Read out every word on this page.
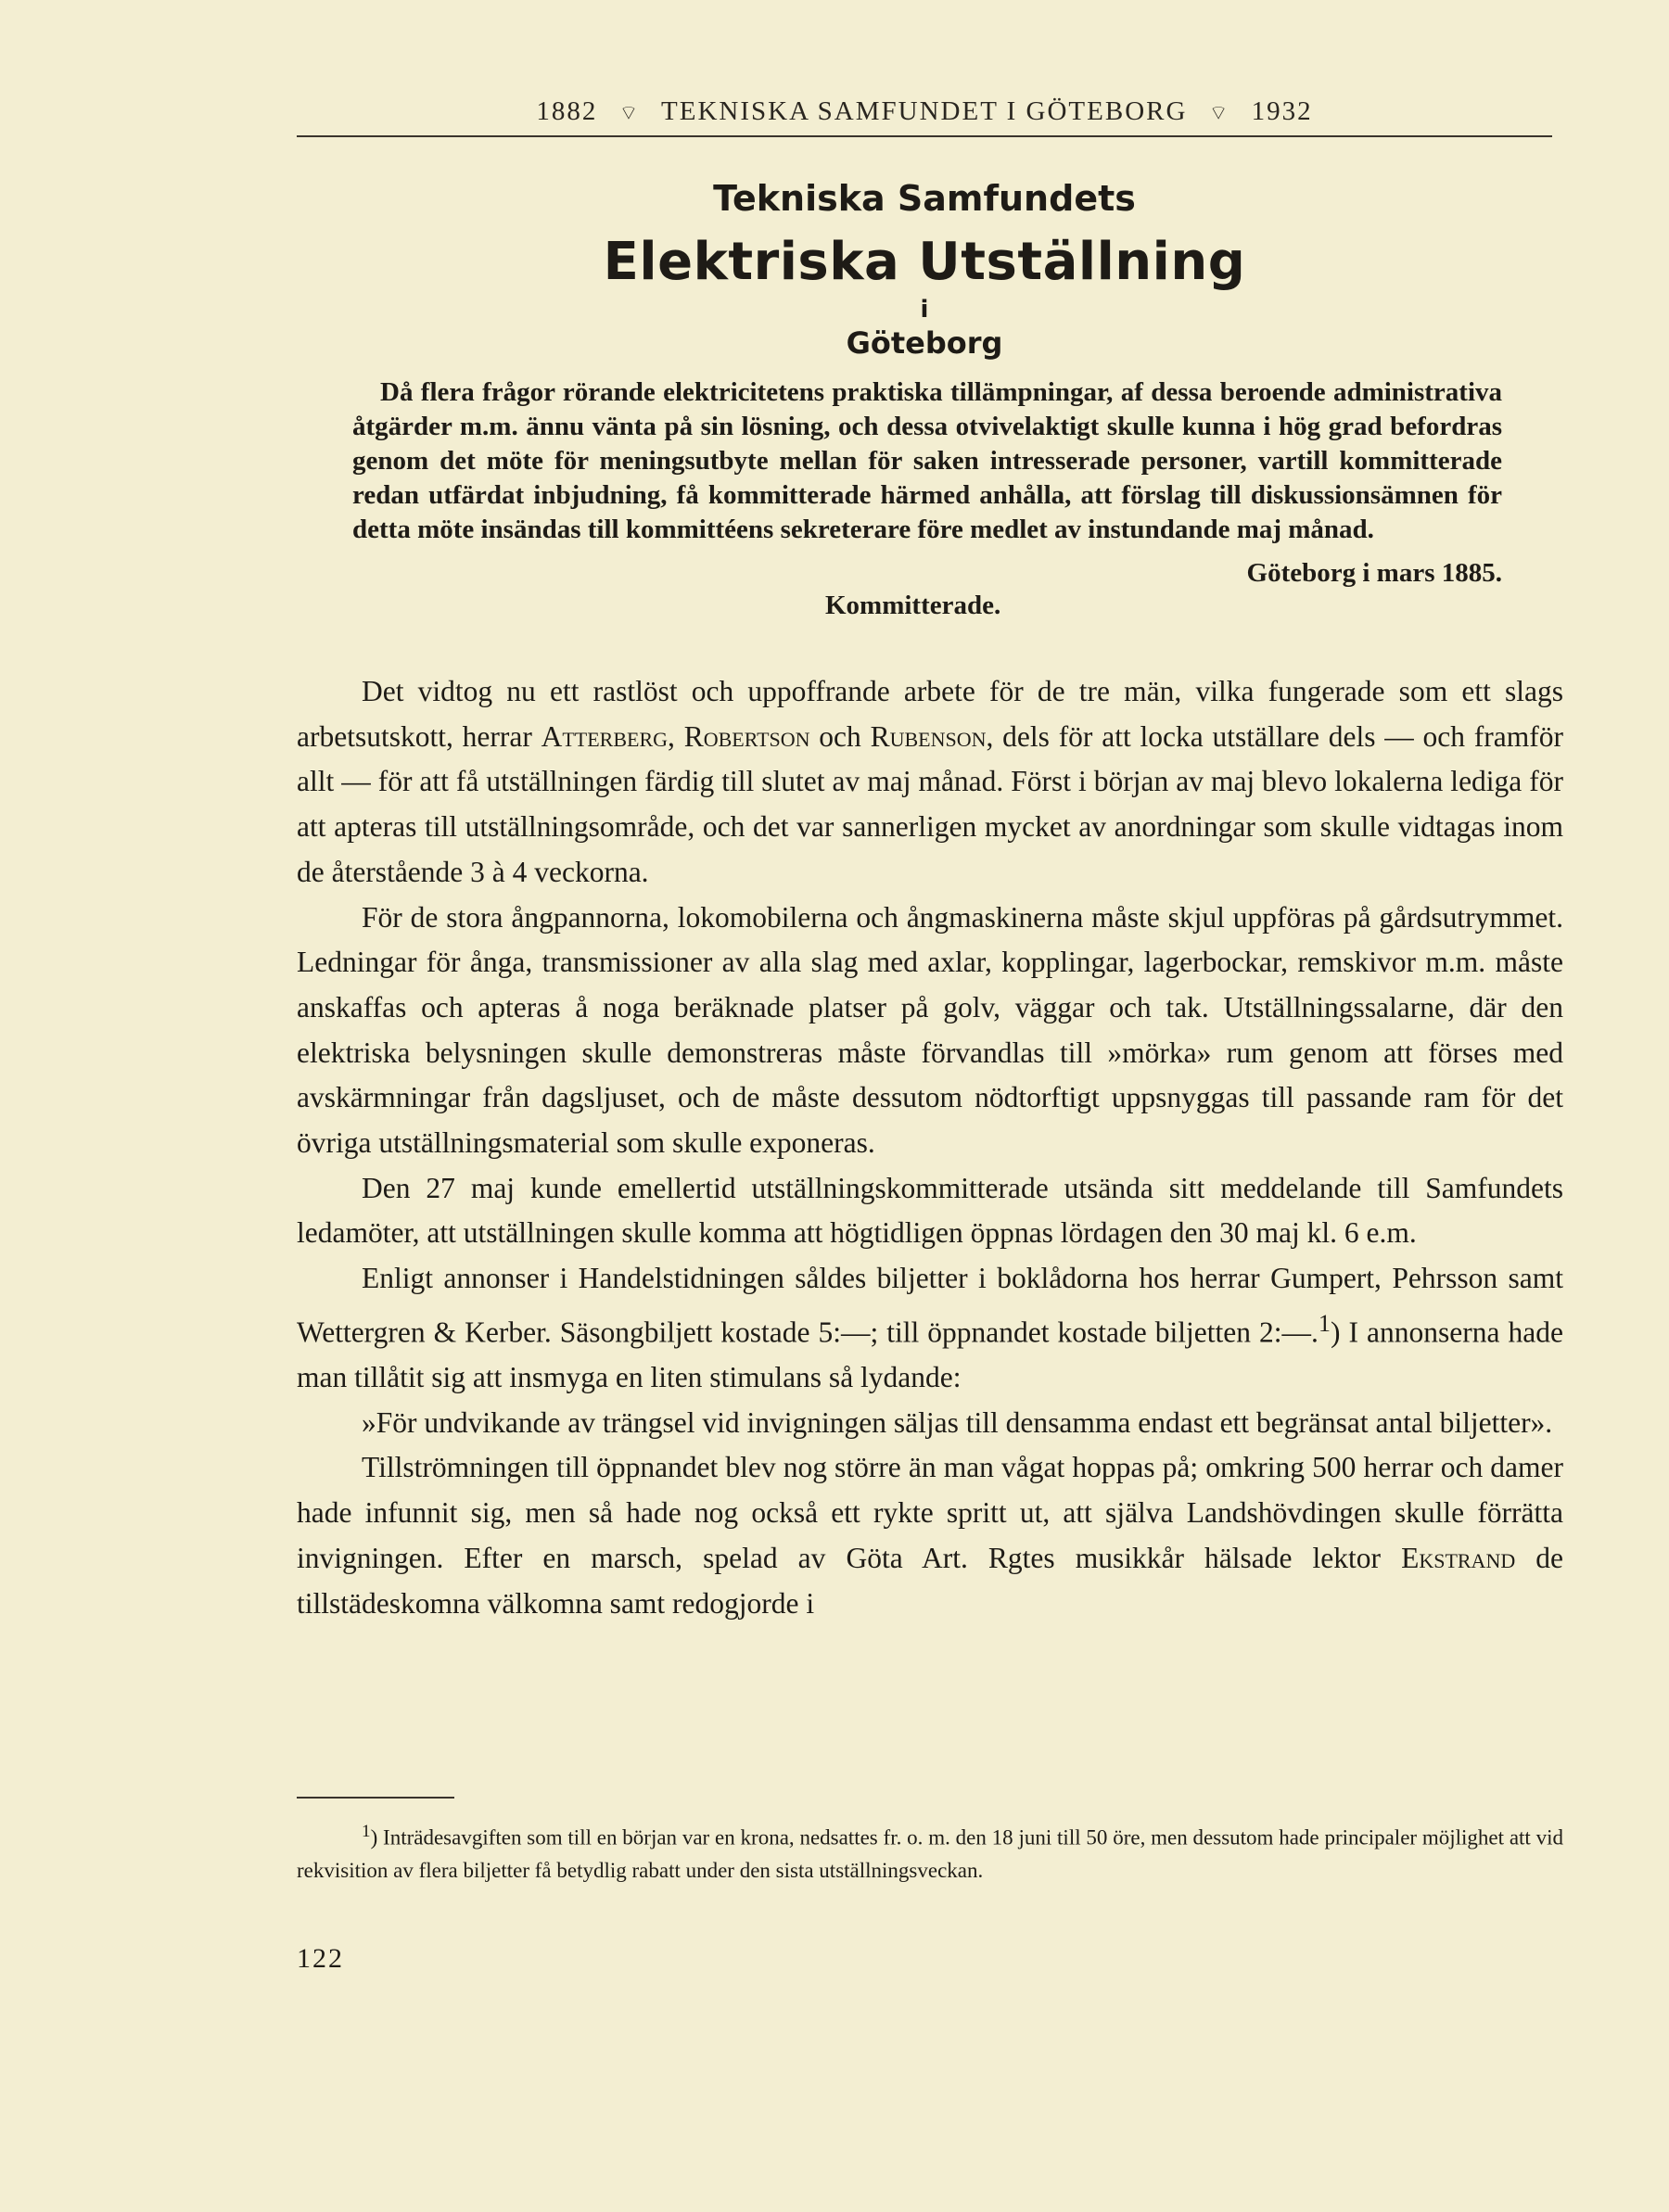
1882 ⌔ TEKNISKA SAMFUNDET I GÖTEBORG ⌔ 1932
Tekniska Samfundets
Elektriska Utställning
i
Göteborg

Då flera frågor rörande elektricitetens praktiska tillämpningar, af dessa beroende administrativa åtgärder m.m. ännu vänta på sin lösning, och dessa otvivelaktigt skulle kunna i hög grad befordras genom det möte för meningsutbyte mellan för saken intresserade personer, vartill kommitterade redan utfärdat inbjudning, få kommitterade härmed anhålla, att förslag till diskussionsämnen för detta möte insändas till kommittéens sekreterare före medlet av instundande maj månad.

Göteborg i mars 1885.
Kommitterade.

Det vidtog nu ett rastlöst och uppoffrande arbete för de tre män, vilka fungerade som ett slags arbetsutskott, herrar Atterberg, Robertson och Rubenson, dels för att locka utställare dels — och framför allt — för att få utställningen färdig till slutet av maj månad. Först i början av maj blevo lokalerna lediga för att apteras till utställningsområde, och det var sannerligen mycket av anordningar som skulle vidtagas inom de återstående 3 à 4 veckorna.

För de stora ångpannorna, lokomobilerna och ångmaskinerna måste skjul uppföras på gårdsutrymmet. Ledningar för ånga, transmissioner av alla slag med axlar, kopplingar, lagerbockar, remskivor m.m. måste anskaffas och apteras å noga beräknade platser på golv, väggar och tak. Utställningssalarne, där den elektriska belysningen skulle demonstreras måste förvandlas till »mörka» rum genom att förses med avskärmningar från dagsljuset, och de måste dessutom nödtorftigt uppsnyggas till passande ram för det övriga utställningsmaterial som skulle exponeras.

Den 27 maj kunde emellertid utställningskommitterade utsända sitt meddelande till Samfundets ledamöter, att utställningen skulle komma att högtidligen öppnas lördagen den 30 maj kl. 6 e.m.

Enligt annonser i Handelstidningen såldes biljetter i boklådorna hos herrar Gumpert, Pehrsson samt Wettergren & Kerber. Säsongbiljett kostade 5:—; till öppnandet kostade biljetten 2:—.$^1$) I annonserna hade man tillåtit sig att insmyga en liten stimulans så lydande:

»För undvikande av trängsel vid invigningen säljas till densamma endast ett begränsat antal biljetter».

Tillströmningen till öppnandet blev nog större än man vågat hoppas på; omkring 500 herrar och damer hade infunnit sig, men så hade nog också ett rykte spritt ut, att själva Landshövdingen skulle förrätta invigningen. Efter en marsch, spelad av Göta Art. Rgtes musikkår hälsade lektor Ekstrand de tillstädeskomna välkomna samt redogjorde i

$^1$) Inträdesavgiften som till en början var en krona, nedsattes fr. o. m. den 18 juni till 50 öre, men dessutom hade principaler möjlighet att vid rekvisition av flera biljetter få betydlig rabatt under den sista utställningsveckan.

122
